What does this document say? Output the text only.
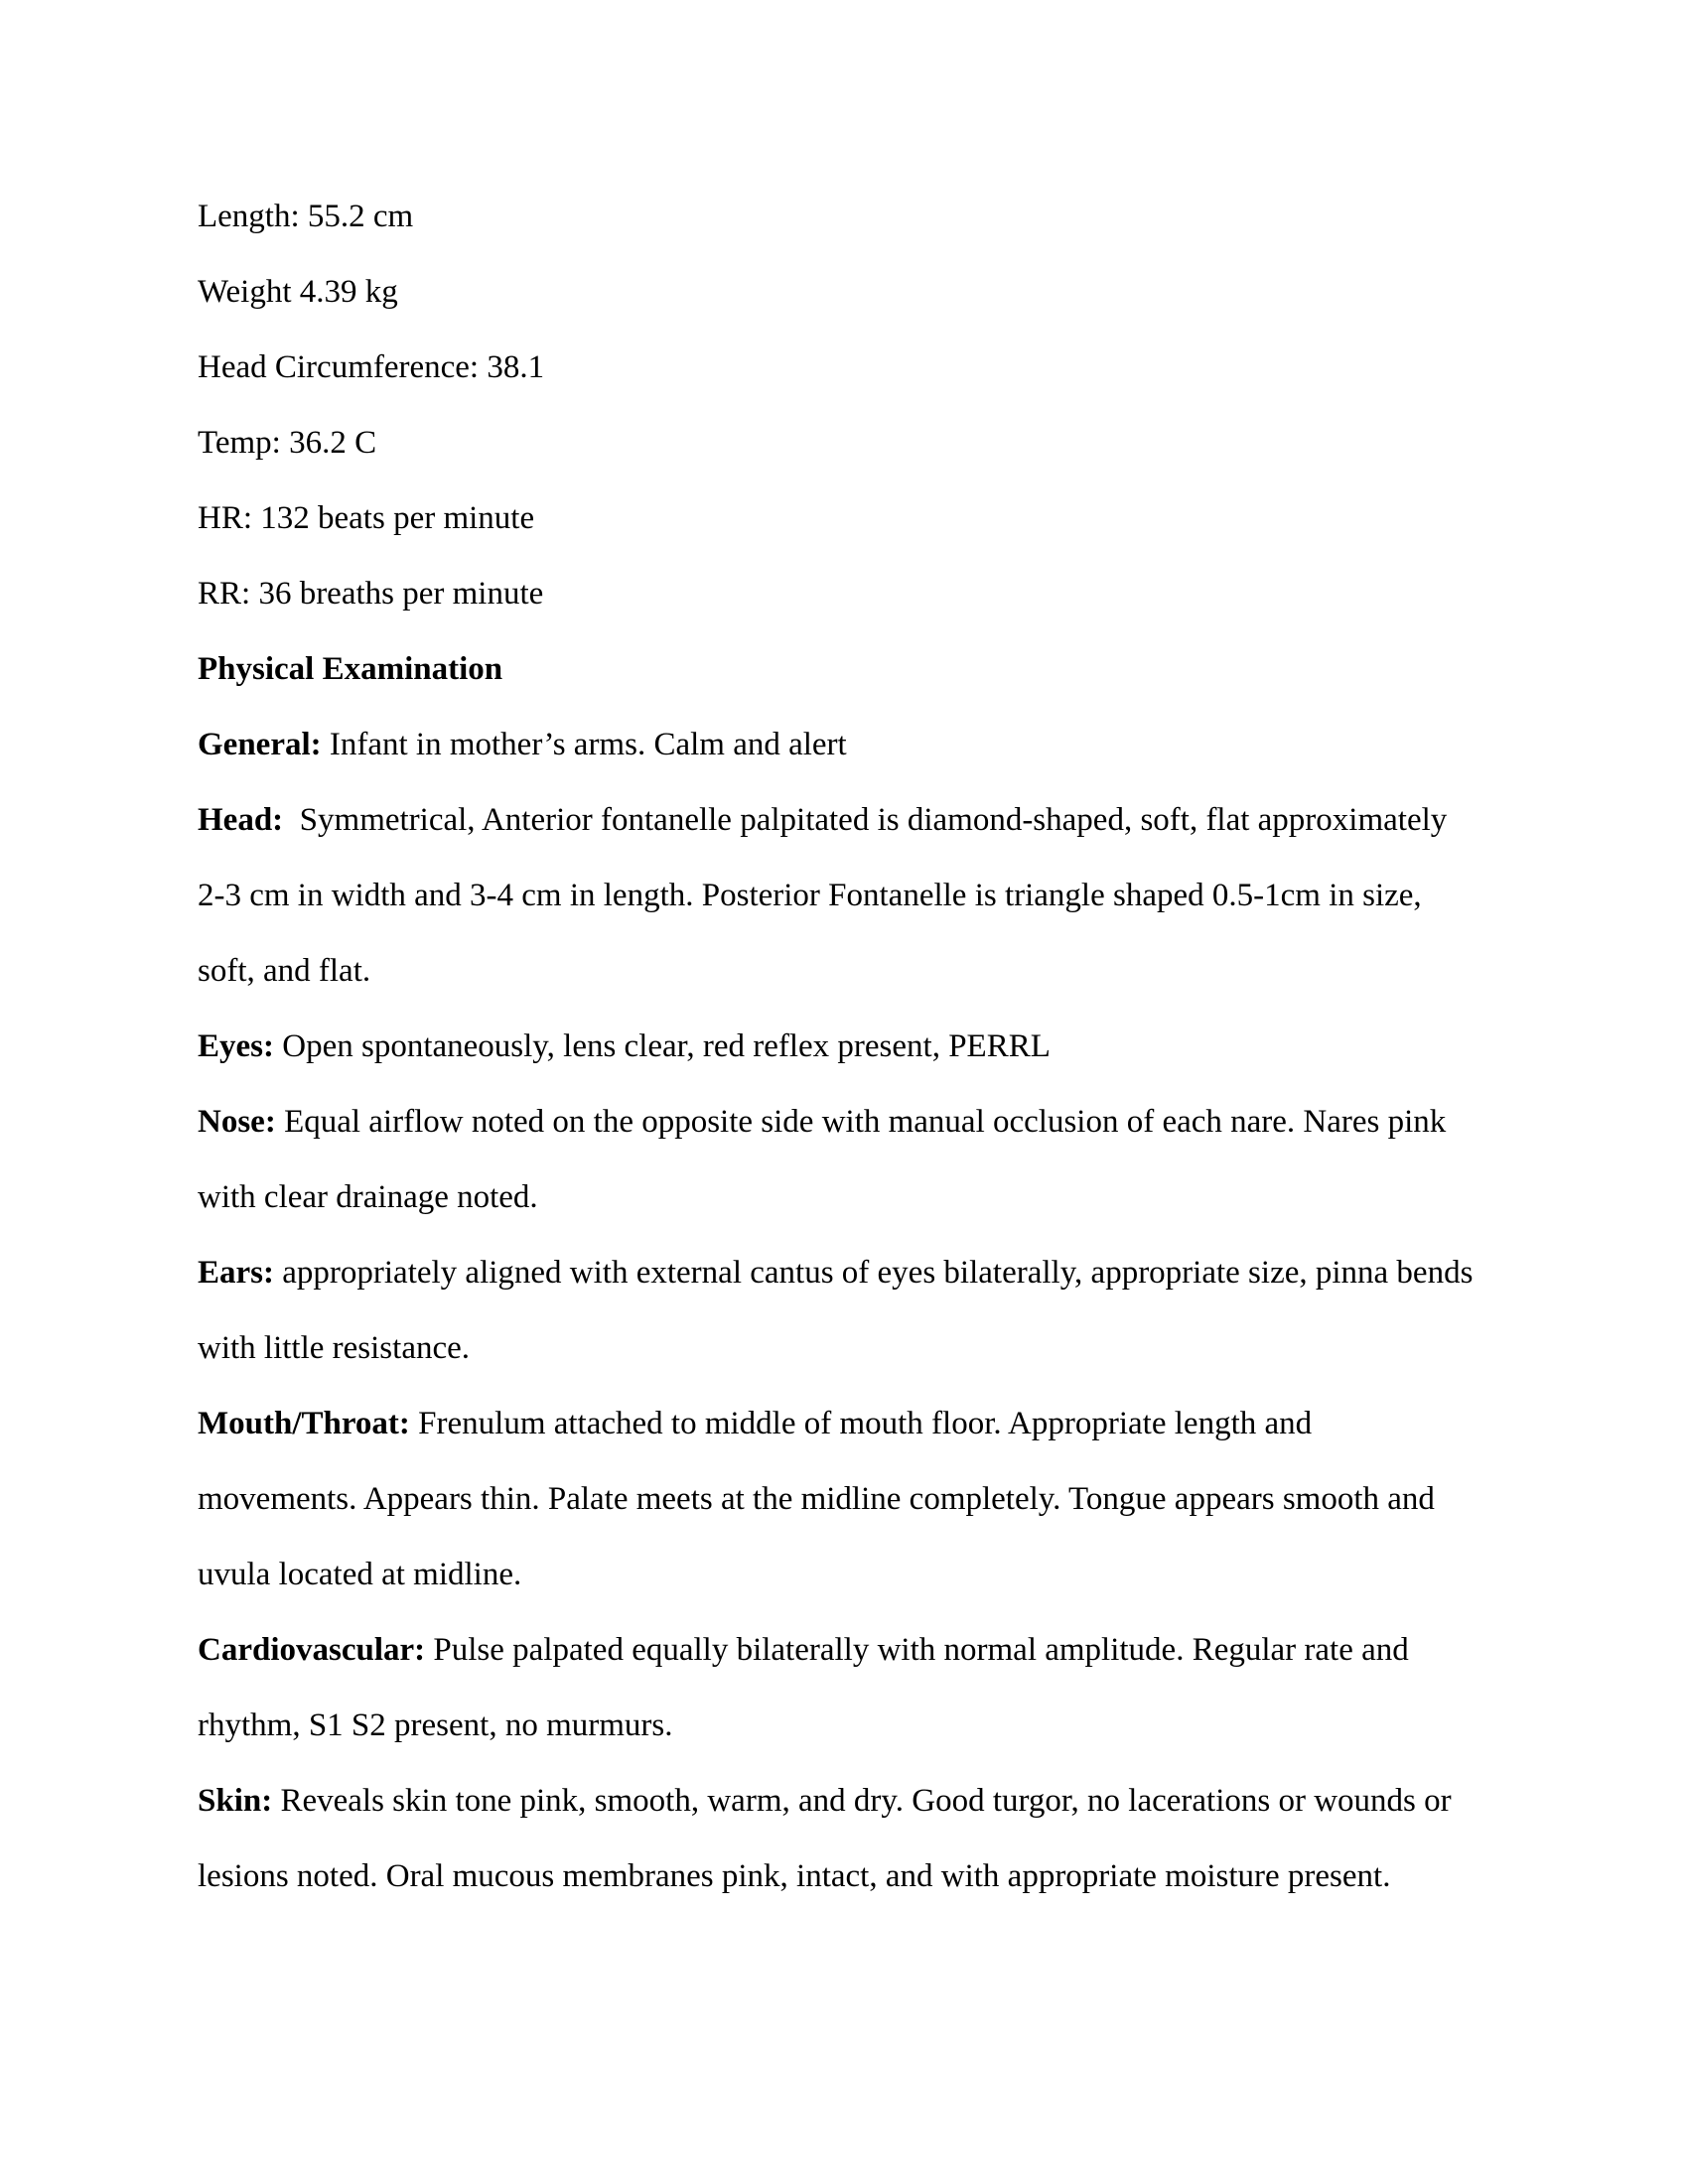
Length: 55.2 cm
Weight 4.39 kg
Head Circumference: 38.1
Temp: 36.2 C
HR: 132 beats per minute
RR: 36 breaths per minute
Physical Examination
General: Infant in mother’s arms. Calm and alert
Head:  Symmetrical, Anterior fontanelle palpitated is diamond-shaped, soft, flat approximately
2-3 cm in width and 3-4 cm in length. Posterior Fontanelle is triangle shaped 0.5-1cm in size,
soft, and flat.
Eyes: Open spontaneously, lens clear, red reflex present, PERRL
Nose: Equal airflow noted on the opposite side with manual occlusion of each nare. Nares pink
with clear drainage noted.
Ears: appropriately aligned with external cantus of eyes bilaterally, appropriate size, pinna bends
with little resistance.
Mouth/Throat: Frenulum attached to middle of mouth floor. Appropriate length and
movements. Appears thin. Palate meets at the midline completely. Tongue appears smooth and
uvula located at midline.
Cardiovascular: Pulse palpated equally bilaterally with normal amplitude. Regular rate and
rhythm, S1 S2 present, no murmurs.
Skin: Reveals skin tone pink, smooth, warm, and dry. Good turgor, no lacerations or wounds or
lesions noted. Oral mucous membranes pink, intact, and with appropriate moisture present.
